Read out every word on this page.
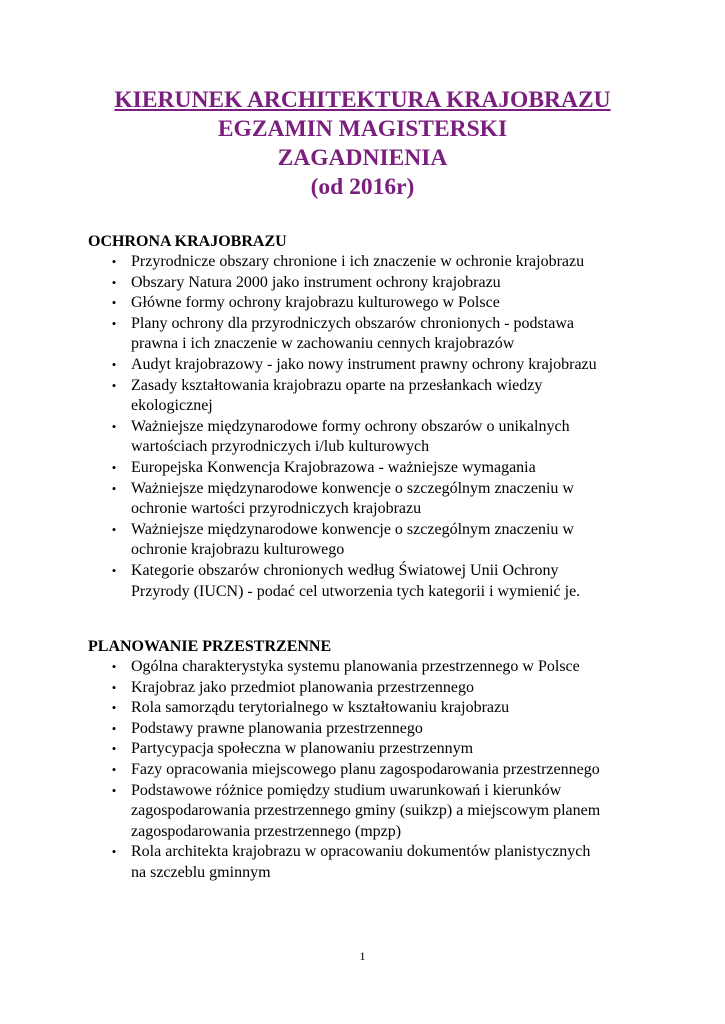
KIERUNEK ARCHITEKTURA KRAJOBRAZU
EGZAMIN MAGISTERSKI
ZAGADNIENIA
(od 2016r)
OCHRONA KRAJOBRAZU
• Przyrodnicze obszary chronione i ich znaczenie w ochronie krajobrazu
• Obszary Natura 2000 jako instrument ochrony krajobrazu
• Główne formy ochrony krajobrazu kulturowego w Polsce
• Plany ochrony dla przyrodniczych obszarów chronionych - podstawa
prawna i ich znaczenie w zachowaniu cennych krajobrazów
• Audyt krajobrazowy - jako nowy instrument prawny ochrony krajobrazu
• Zasady kształtowania krajobrazu oparte na przesłankach wiedzy
ekologicznej
• Ważniejsze międzynarodowe formy ochrony obszarów o unikalnych
wartościach przyrodniczych i/lub kulturowych
• Europejska Konwencja Krajobrazowa - ważniejsze wymagania
• Ważniejsze międzynarodowe konwencje o szczególnym znaczeniu w
ochronie wartości przyrodniczych krajobrazu
• Ważniejsze międzynarodowe konwencje o szczególnym znaczeniu w
ochronie krajobrazu kulturowego
• Kategorie obszarów chronionych według Światowej Unii Ochrony
Przyrody (IUCN) - podać cel utworzenia tych kategorii i wymienić je.
PLANOWANIE PRZESTRZENNE
• Ogólna charakterystyka systemu planowania przestrzennego w Polsce
• Krajobraz jako przedmiot planowania przestrzennego
• Rola samorządu terytorialnego w kształtowaniu krajobrazu
• Podstawy prawne planowania przestrzennego
• Partycypacja społeczna w planowaniu przestrzennym
• Fazy opracowania miejscowego planu zagospodarowania przestrzennego
• Podstawowe różnice pomiędzy studium uwarunkowań i kierunków
zagospodarowania przestrzennego gminy (suikzp) a miejscowym planem
zagospodarowania przestrzennego (mpzp)
• Rola architekta krajobrazu w opracowaniu dokumentów planistycznych
na szczeblu gminnym
1
